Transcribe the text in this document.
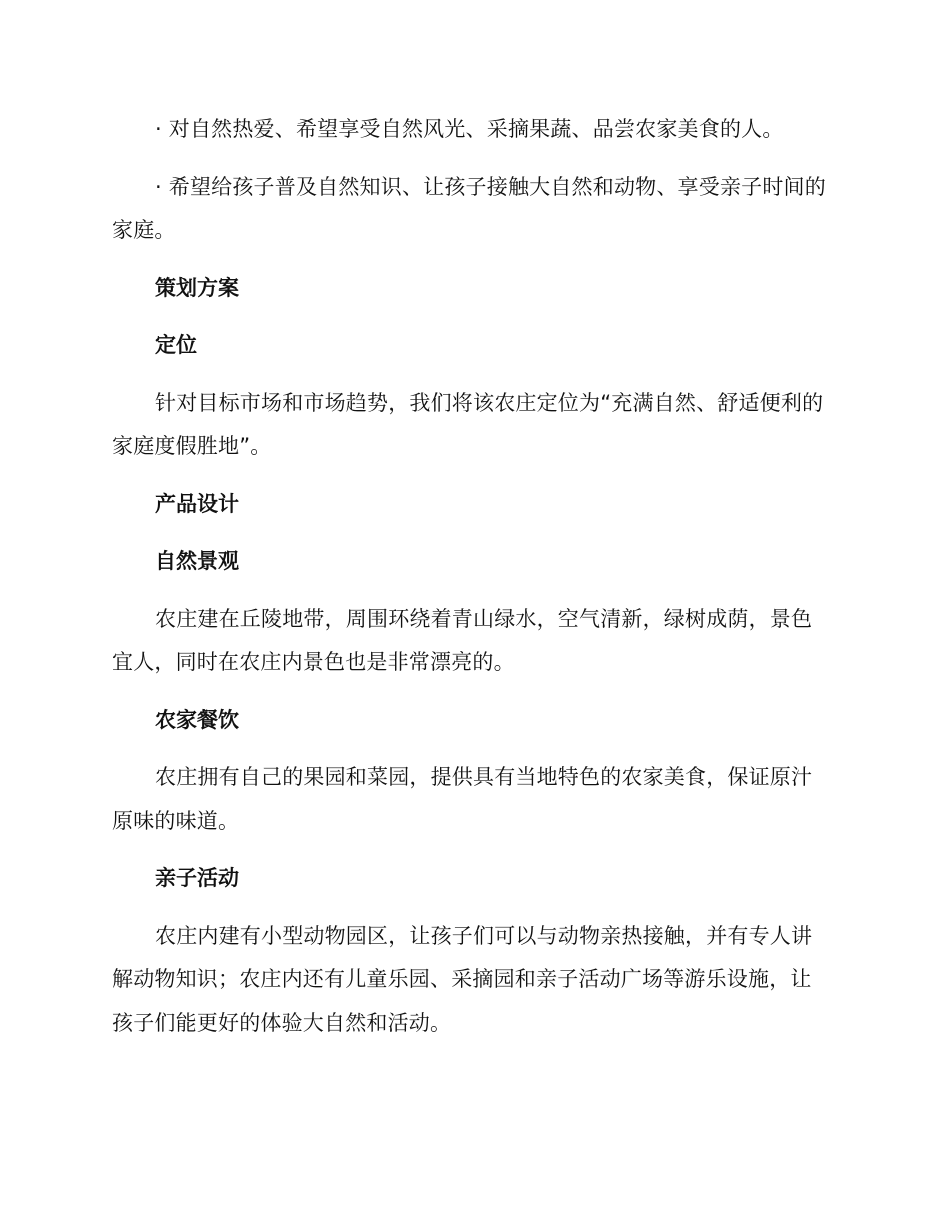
· 对自然热爱、希望享受自然风光、采摘果蔬、品尝农家美食的人。

· 希望给孩子普及自然知识、让孩子接触大自然和动物、享受亲子时间的家庭。

策划方案
定位

针对目标市场和市场趋势，我们将该农庄定位为“充满自然、舒适便利的家庭度假胜地”。

产品设计
自然景观

农庄建在丘陵地带，周围环绕着青山绿水，空气清新，绿树成荫，景色宜人，同时在农庄内景色也是非常漂亮的。

农家餐饮

农庄拥有自己的果园和菜园，提供具有当地特色的农家美食，保证原汁原味的味道。

亲子活动

农庄内建有小型动物园区，让孩子们可以与动物亲热接触，并有专人讲解动物知识；农庄内还有儿童乐园、采摘园和亲子活动广场等游乐设施，让孩子们能更好的体验大自然和活动。
